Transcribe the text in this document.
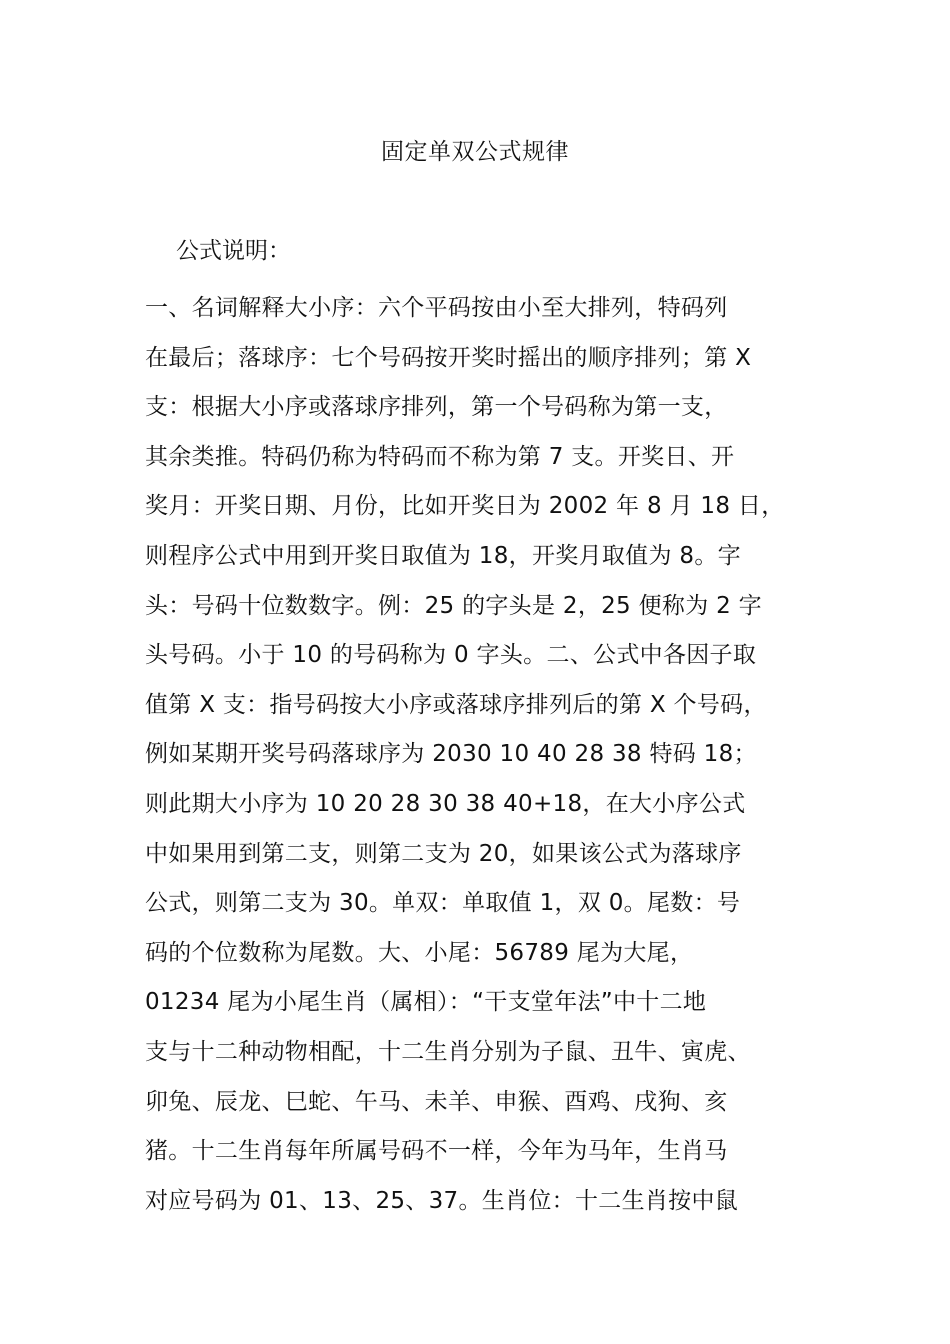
固定单双公式规律
公式说明：
一、名词解释大小序：六个平码按由小至大排列，特码列
在最后；落球序：七个号码按开奖时摇出的顺序排列；第 X
支：根据大小序或落球序排列，第一个号码称为第一支，
其余类推。特码仍称为特码而不称为第 7 支。开奖日、开
奖月：开奖日期、月份，比如开奖日为 2002 年 8 月 18 日，
则程序公式中用到开奖日取值为 18，开奖月取值为 8。字
头：号码十位数数字。例：25 的字头是 2，25 便称为 2 字
头号码。小于 10 的号码称为 0 字头。二、公式中各因子取
值第 X 支：指号码按大小序或落球序排列后的第 X 个号码，
例如某期开奖号码落球序为 2030 10 40 28 38 特码 18；
则此期大小序为 10 20 28 30 38 40+18，在大小序公式
中如果用到第二支，则第二支为 20，如果该公式为落球序
公式，则第二支为 30。单双：单取值 1，双 0。尾数：号
码的个位数称为尾数。大、小尾：56789 尾为大尾，
01234 尾为小尾生肖（属相）：“干支堂年法”中十二地
支与十二种动物相配，十二生肖分别为子鼠、丑牛、寅虎、
卯兔、辰龙、巳蛇、午马、未羊、申猴、酉鸡、戌狗、亥
猪。十二生肖每年所属号码不一样，今年为马年，生肖马
对应号码为 01、13、25、37。生肖位：十二生肖按中鼠
